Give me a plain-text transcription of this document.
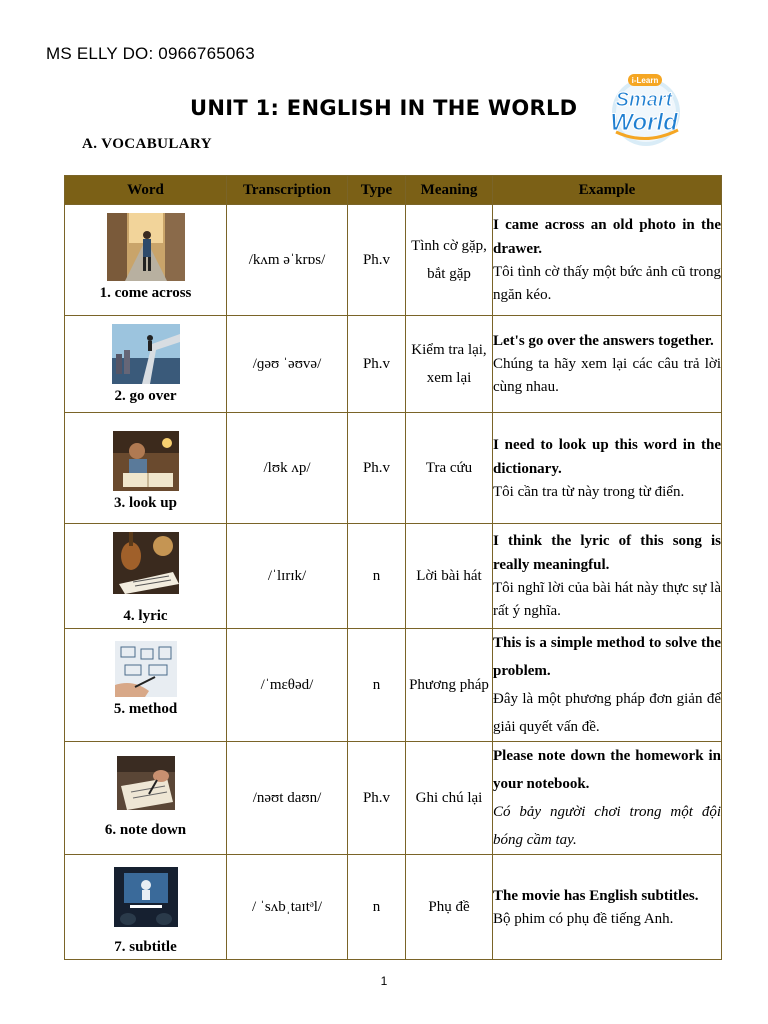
MS ELLY DO: 0966765063
UNIT 1: ENGLISH IN THE WORLD
i-Learn
Smart
World
A. VOCABULARY
Word	Transcription	Type	Meaning	Example

1. come across	/kʌm əˈkrɒs/	Ph.v	Tình cờ gặp, bắt gặp	I came across an old photo in the drawer.
Tôi tình cờ thấy một bức ảnh cũ trong ngăn kéo.

2. go over	/ɡəʊ ˈəʊvə/	Ph.v	Kiểm tra lại, xem lại	Let's go over the answers together.
Chúng ta hãy xem lại các câu trả lời cùng nhau.

3. look up	/lʊk ʌp/	Ph.v	Tra cứu	I need to look up this word in the dictionary.
Tôi cần tra từ này trong từ điển.

4. lyric	/ˈlɪrɪk/	n	Lời bài hát	I think the lyric of this song is really meaningful.
Tôi nghĩ lời của bài hát này thực sự là rất ý nghĩa.

5. method	/ˈmɛθəd/	n	Phương pháp	This is a simple method to solve the problem.
Đây là một phương pháp đơn giản để giải quyết vấn đề.

6. note down	/nəʊt daʊn/	Ph.v	Ghi chú lại	Please note down the homework in your notebook.
Có bảy người chơi trong một đội bóng cầm tay.

7. subtitle	/ ˈsʌbˌtaɪtᵊl/	n	Phụ đề	The movie has English subtitles.
Bộ phim có phụ đề tiếng Anh.
1
